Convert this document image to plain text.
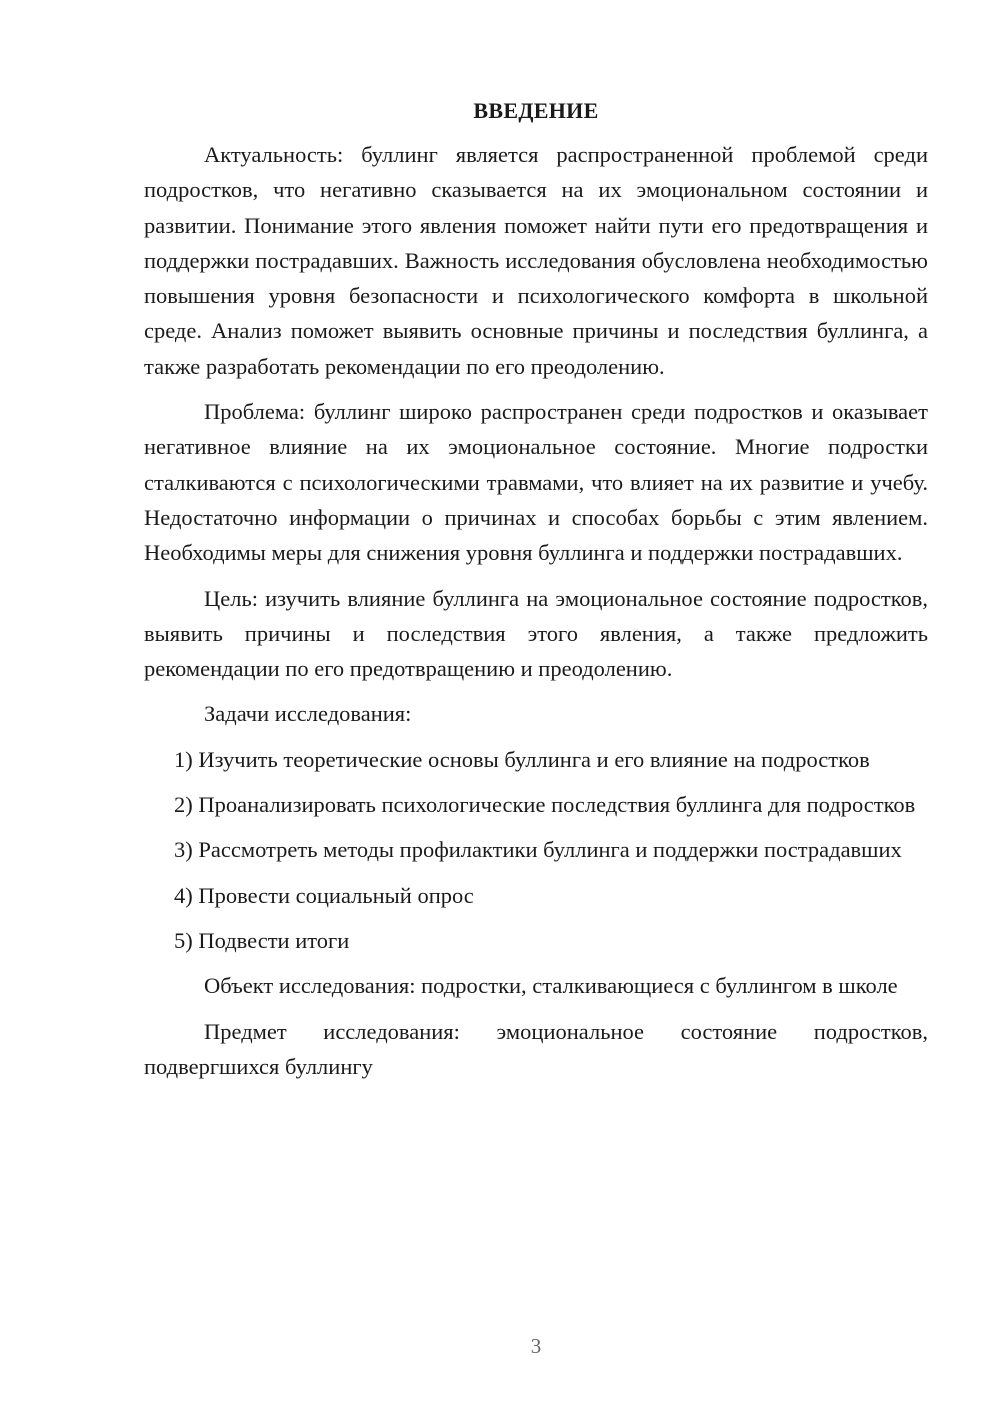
ВВЕДЕНИЕ

Актуальность: буллинг является распространенной проблемой среди подростков, что негативно сказывается на их эмоциональном состоянии и развитии. Понимание этого явления поможет найти пути его предотвращения и поддержки пострадавших. Важность исследования обусловлена необходимостью повышения уровня безопасности и психологического комфорта в школьной среде. Анализ поможет выявить основные причины и последствия буллинга, а также разработать рекомендации по его преодолению.

Проблема: буллинг широко распространен среди подростков и оказывает негативное влияние на их эмоциональное состояние. Многие подростки сталкиваются с психологическими травмами, что влияет на их развитие и учебу. Недостаточно информации о причинах и способах борьбы с этим явлением. Необходимы меры для снижения уровня буллинга и поддержки пострадавших.

Цель: изучить влияние буллинга на эмоциональное состояние подростков, выявить причины и последствия этого явления, а также предложить рекомендации по его предотвращению и преодолению.

Задачи исследования:

1) Изучить теоретические основы буллинга и его влияние на подростков

2) Проанализировать психологические последствия буллинга для подростков

3) Рассмотреть методы профилактики буллинга и поддержки пострадавших

4) Провести социальный опрос

5) Подвести итоги

Объект исследования: подростки, сталкивающиеся с буллингом в школе

Предмет исследования: эмоциональное состояние подростков, подвергшихся буллингу

3
